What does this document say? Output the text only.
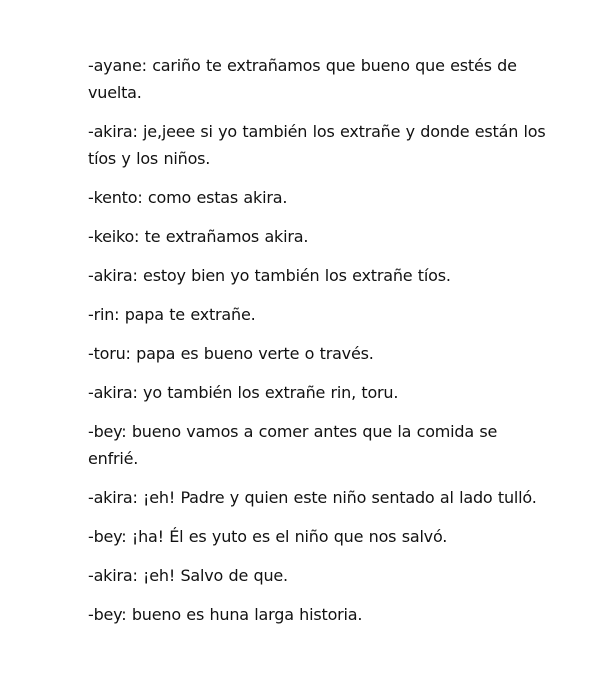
-ayane: cariño te extrañamos que bueno que estés de vuelta.

-akira: je,jeee si yo también los extrañe y donde están los tíos y los niños.

-kento: como estas akira.

-keiko: te extrañamos akira.

-akira: estoy bien yo también los extrañe tíos.

-rin: papa te extrañe.

-toru: papa es bueno verte o través.

-akira: yo también los extrañe rin, toru.

-bey: bueno vamos a comer antes que la comida se enfrié.

-akira: ¡eh! Padre y quien este niño sentado al lado tulló.

-bey: ¡ha! Él es yuto es el niño que nos salvó.

-akira: ¡eh! Salvo de que.

-bey: bueno es huna larga historia.
